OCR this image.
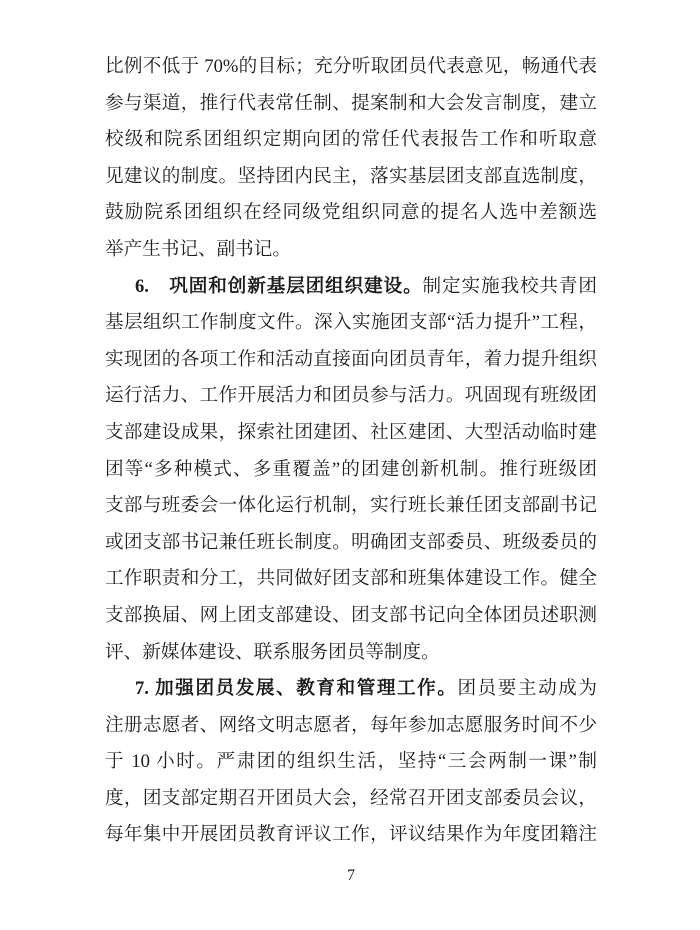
比例不低于 70%的目标；充分听取团员代表意见，畅通代表
参与渠道，推行代表常任制、提案制和大会发言制度，建立
校级和院系团组织定期向团的常任代表报告工作和听取意
见建议的制度。坚持团内民主，落实基层团支部直选制度，
鼓励院系团组织在经同级党组织同意的提名人选中差额选
举产生书记、副书记。
6.　巩固和创新基层团组织建设。制定实施我校共青团
基层组织工作制度文件。深入实施团支部“活力提升”工程，
实现团的各项工作和活动直接面向团员青年，着力提升组织
运行活力、工作开展活力和团员参与活力。巩固现有班级团
支部建设成果，探索社团建团、社区建团、大型活动临时建
团等“多种模式、多重覆盖”的团建创新机制。推行班级团
支部与班委会一体化运行机制，实行班长兼任团支部副书记
或团支部书记兼任班长制度。明确团支部委员、班级委员的
工作职责和分工，共同做好团支部和班集体建设工作。健全
支部换届、网上团支部建设、团支部书记向全体团员述职测
评、新媒体建设、联系服务团员等制度。
7. 加强团员发展、教育和管理工作。团员要主动成为
注册志愿者、网络文明志愿者，每年参加志愿服务时间不少
于 10 小时。严肃团的组织生活，坚持“三会两制一课”制
度，团支部定期召开团员大会，经常召开团支部委员会议，
每年集中开展团员教育评议工作，评议结果作为年度团籍注
7
